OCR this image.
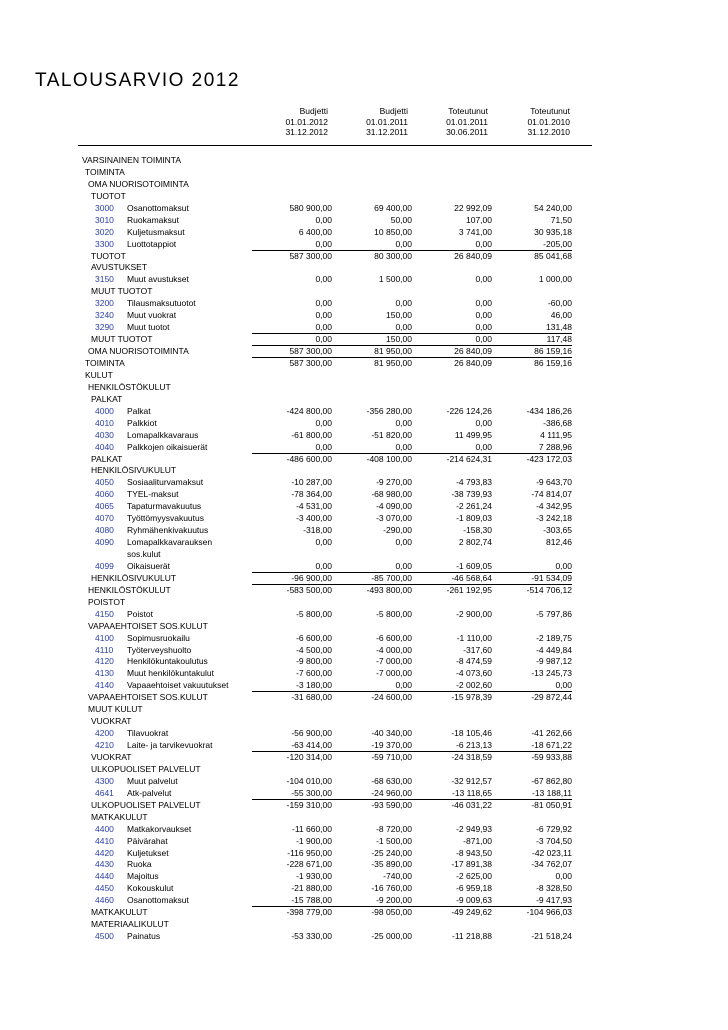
TALOUSARVIO 2012
Budjetti
01.01.2012
31.12.2012
Budjetti
01.01.2011
31.12.2011
Toteutunut
01.01.2011
30.06.2011
Toteutunut
01.01.2010
31.12.2010
VARSINAINEN TOIMINTA
TOIMINTA
OMA NUORISOTOIMINTA
TUOTOT
3000 Osanottomaksut	580 900,00	69 400,00	22 992,09	54 240,00
3010 Ruokamaksut	0,00	50,00	107,00	71,50
3020 Kuljetusmaksut	6 400,00	10 850,00	3 741,00	30 935,18
3300 Luottotappiot	0,00	0,00	0,00	-205,00
TUOTOT	587 300,00	80 300,00	26 840,09	85 041,68
AVUSTUKSET
3150 Muut avustukset	0,00	1 500,00	0,00	1 000,00
MUUT TUOTOT
3200 Tilausmaksutuotot	0,00	0,00	0,00	-60,00
3240 Muut vuokrat	0,00	150,00	0,00	46,00
3290 Muut tuotot	0,00	0,00	0,00	131,48
MUUT TUOTOT	0,00	150,00	0,00	117,48
OMA NUORISOTOIMINTA	587 300,00	81 950,00	26 840,09	86 159,16
TOIMINTA	587 300,00	81 950,00	26 840,09	86 159,16
KULUT
HENKILÖSTÖKULUT
PALKAT
4000 Palkat	-424 800,00	-356 280,00	-226 124,26	-434 186,26
4010 Palkkiot	0,00	0,00	0,00	-386,68
4030 Lomapalkkavaraus	-61 800,00	-51 820,00	11 499,95	4 111,95
4040 Palkkojen oikaisuerät	0,00	0,00	0,00	7 288,96
PALKAT	-486 600,00	-408 100,00	-214 624,31	-423 172,03
HENKILÖSIVUKULUT
4050 Sosiaaliturvamaksut	-10 287,00	-9 270,00	-4 793,83	-9 643,70
4060 TYEL-maksut	-78 364,00	-68 980,00	-38 739,93	-74 814,07
4065 Tapaturmavakuutus	-4 531,00	-4 090,00	-2 261,24	-4 342,95
4070 Työttömyysvakuutus	-3 400,00	-3 070,00	-1 809,03	-3 242,18
4080 Ryhmähenkivakuutus	-318,00	-290,00	-158,30	-303,65
4090 Lomapalkkavarauksen	0,00	0,00	2 802,74	812,46
sos.kulut
4099 Oikaisuerät	0,00	0,00	-1 609,05	0,00
HENKILÖSIVUKULUT	-96 900,00	-85 700,00	-46 568,64	-91 534,09
HENKILÖSTÖKULUT	-583 500,00	-493 800,00	-261 192,95	-514 706,12
POISTOT
4150 Poistot	-5 800,00	-5 800,00	-2 900,00	-5 797,86
VAPAAEHTOISET SOS.KULUT
4100 Sopimusruokailu	-6 600,00	-6 600,00	-1 110,00	-2 189,75
4110 Työterveyshuolto	-4 500,00	-4 000,00	-317,60	-4 449,84
4120 Henkilökuntakoulutus	-9 800,00	-7 000,00	-8 474,59	-9 987,12
4130 Muut henkilökuntakulut	-7 600,00	-7 000,00	-4 073,60	-13 245,73
4140 Vapaaehtoiset vakuutukset	-3 180,00	0,00	-2 002,60	0,00
VAPAAEHTOISET SOS.KULUT	-31 680,00	-24 600,00	-15 978,39	-29 872,44
MUUT KULUT
VUOKRAT
4200 Tilavuokrat	-56 900,00	-40 340,00	-18 105,46	-41 262,66
4210 Laite- ja tarvikevuokrat	-63 414,00	-19 370,00	-6 213,13	-18 671,22
VUOKRAT	-120 314,00	-59 710,00	-24 318,59	-59 933,88
ULKOPUOLISET PALVELUT
4300 Muut palvelut	-104 010,00	-68 630,00	-32 912,57	-67 862,80
4641 Atk-palvelut	-55 300,00	-24 960,00	-13 118,65	-13 188,11
ULKOPUOLISET PALVELUT	-159 310,00	-93 590,00	-46 031,22	-81 050,91
MATKAKULUT
4400 Matkakorvaukset	-11 660,00	-8 720,00	-2 949,93	-6 729,92
4410 Päivärahat	-1 900,00	-1 500,00	-871,00	-3 704,50
4420 Kuljetukset	-116 950,00	-25 240,00	-8 943,50	-42 023,11
4430 Ruoka	-228 671,00	-35 890,00	-17 891,38	-34 762,07
4440 Majoitus	-1 930,00	-740,00	-2 625,00	0,00
4450 Kokouskulut	-21 880,00	-16 760,00	-6 959,18	-8 328,50
4460 Osanottomaksut	-15 788,00	-9 200,00	-9 009,63	-9 417,93
MATKAKULUT	-398 779,00	-98 050,00	-49 249,62	-104 966,03
MATERIAALIKULUT
4500 Painatus	-53 330,00	-25 000,00	-11 218,88	-21 518,24
